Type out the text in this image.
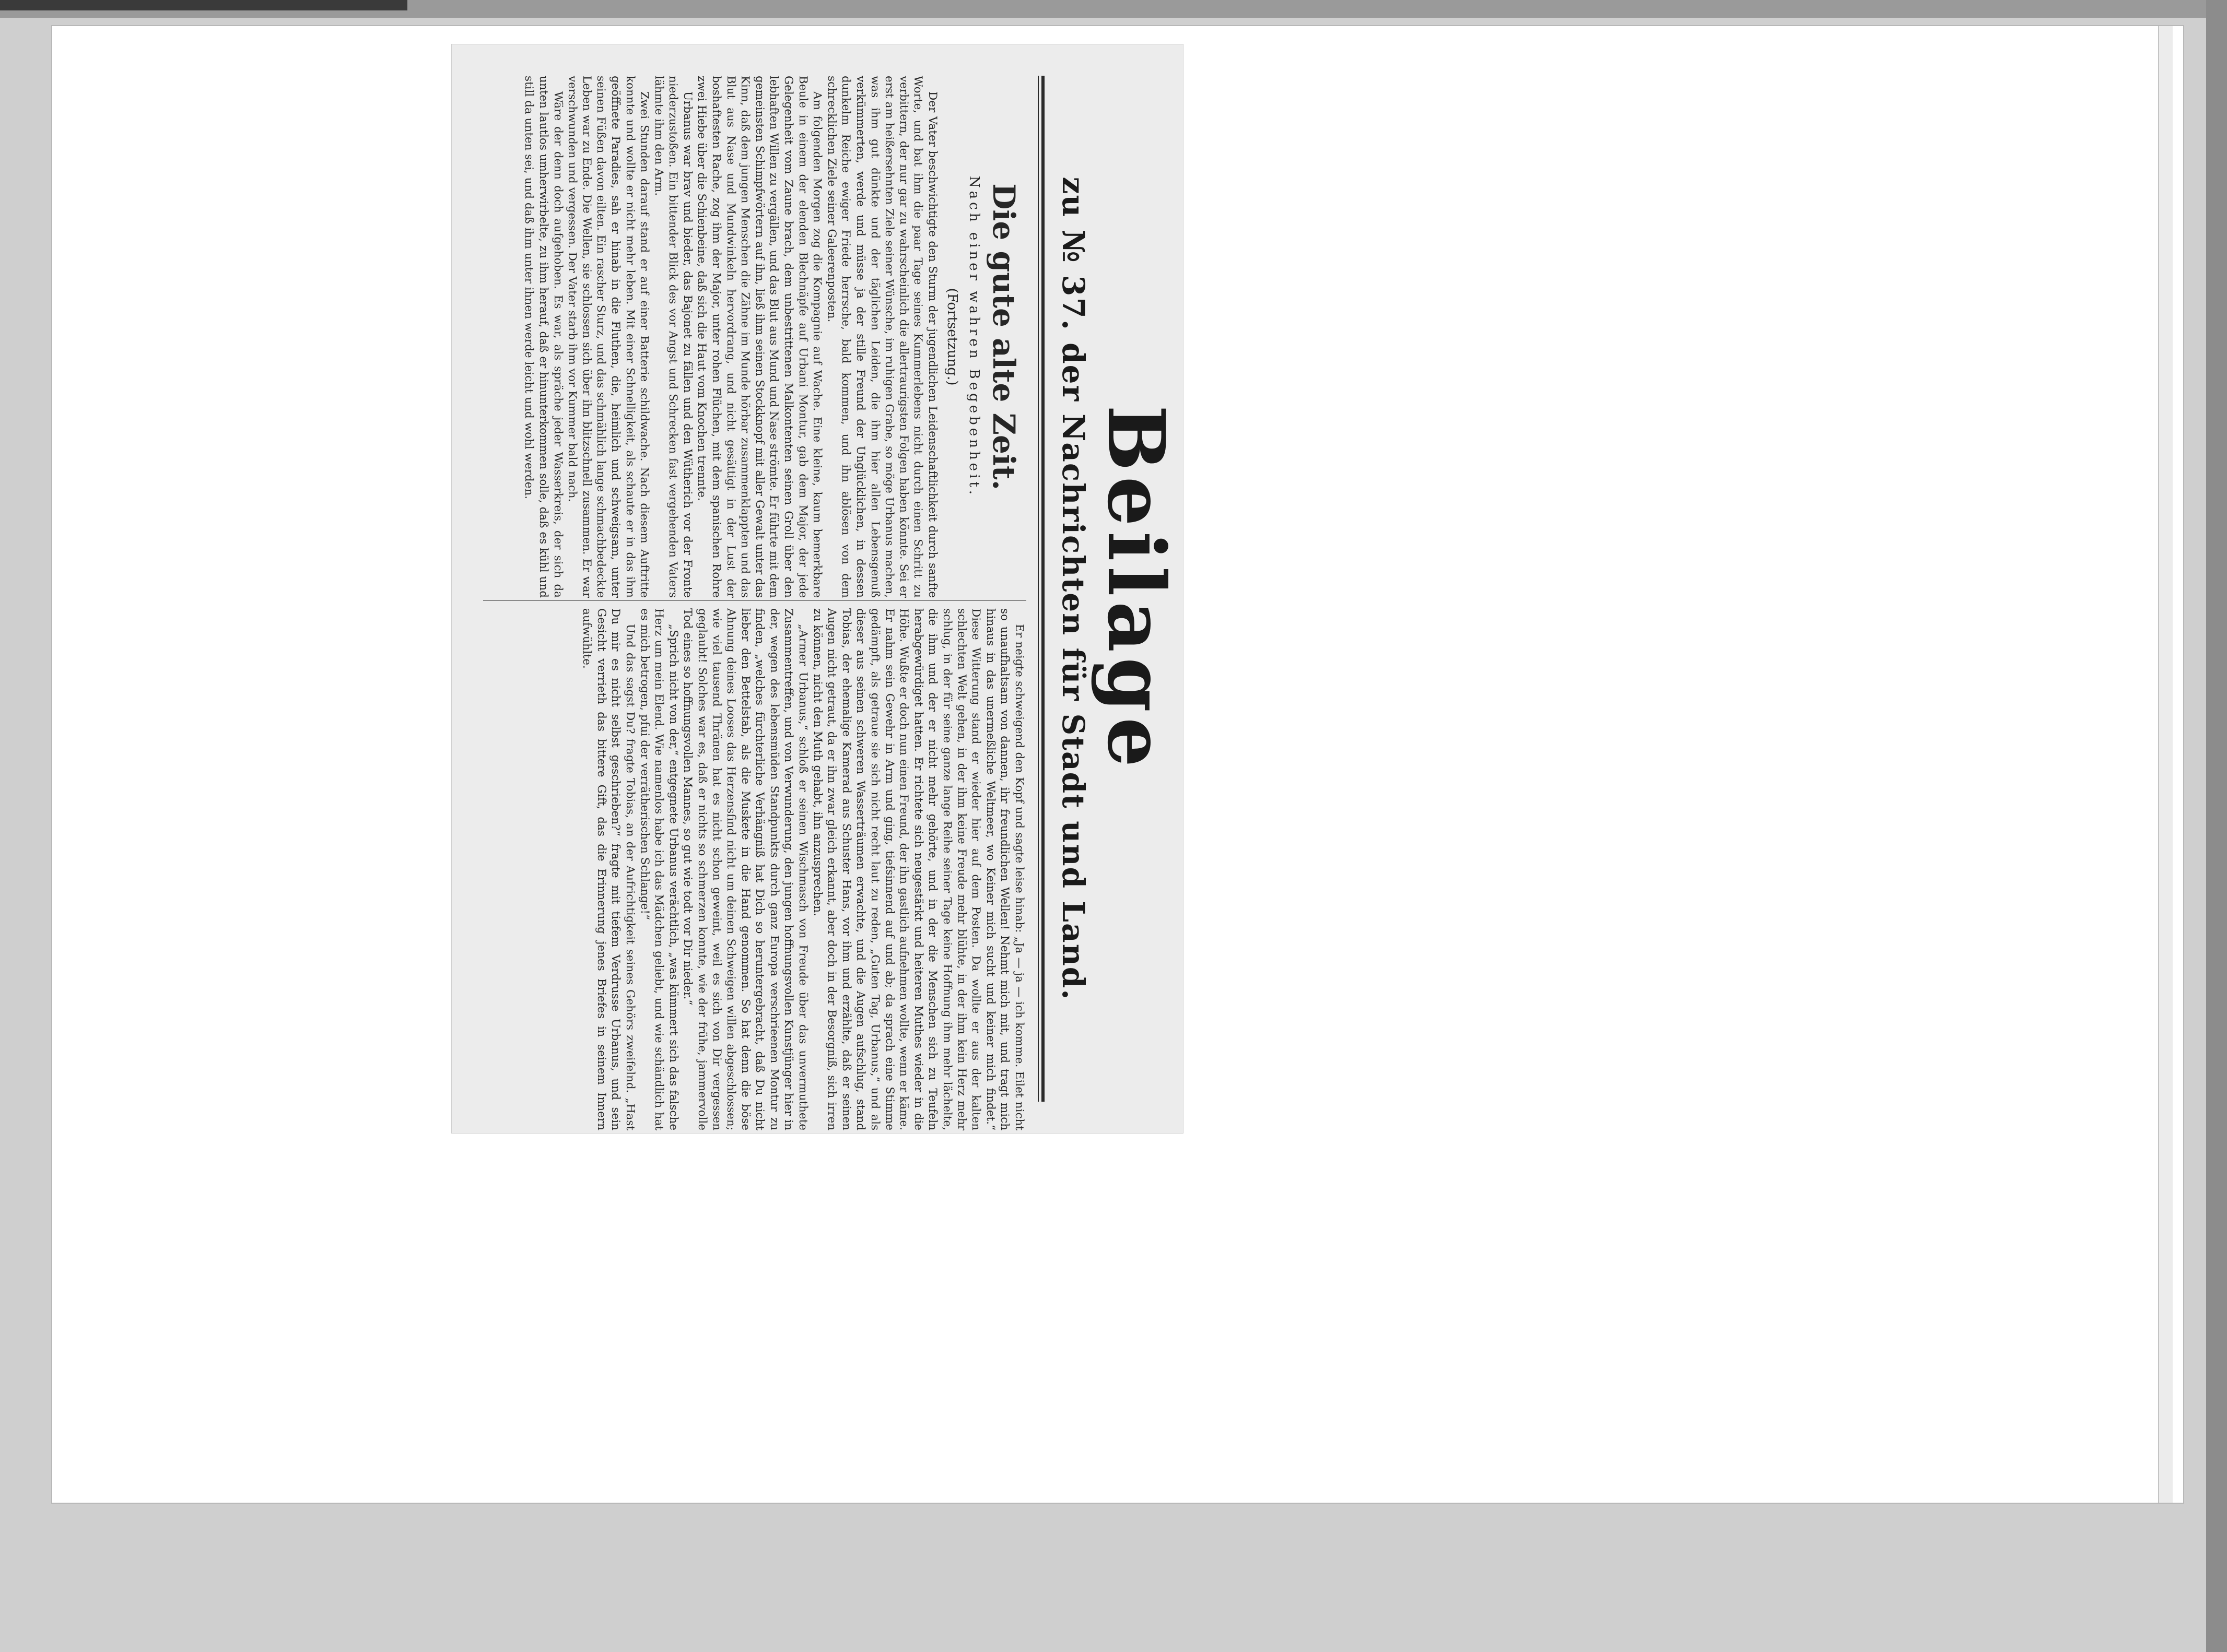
Beilage
zu № 37. der Nachrichten für Stadt und Land.
Die gute alte Zeit.
Nach einer wahren Begebenheit.
(Fortsetzung.)

Der Vater beschwichtigte den Sturm der jugendlichen Leidenschaftlichkeit durch sanfte Worte, und bat ihm die paar Tage seines Kummerlebens nicht durch einen Schritt zu verbittern, der nur gar zu wahrscheinlich die allertraurigsten Folgen haben könnte. Sei er erst am heißersehnten Ziele seiner Wünsche, im ruhigen Grabe, so möge Urbanus machen, was ihm gut dünkte und der täglichen Leiden, die ihm hier allen Lebensgenuß verkümmerten, werde und müsse ja der stille Freund der Unglücklichen, in dessen dunkelm Reiche ewiger Friede herrsche, bald kommen, und ihn ablösen von dem schrecklichen Ziele seiner Galeerenposten.

Am folgenden Morgen zog die Kompagnie auf Wache. Eine kleine, kaum bemerkbare Beule in einem der elenden Blechnäpfe auf Urbani Montur, gab dem Major, der jede Gelegenheit vom Zaune brach, dem unbestrittenen Malkontenten seinen Groll über den lebhaften Willen zu vergällen, und das Blut aus Mund und Nase strömte. Er führte mit dem gemeinsten Schimpfwörtern auf ihn, ließ ihm seinen Stockknopf mit aller Gewalt unter das Kinn, daß dem jungen Menschen die Zähne im Munde hörbar zusammenklappten und das Blut aus Nase und Mundwinkeln hervordrang, und nicht gesättigt in der Lust der boshaftesten Rache, zog ihm der Major, unter rohen Flüchen, mit dem spanischen Rohre zwei Hiebe über die Schienbeine, daß sich die Haut vom Knochen trennte.

Urbanus war brav und bieder, das Bajonet zu fällen und den Wütherich vor der Fronte niederzustoßen. Ein bittender Blick des vor Angst und Schrecken fast vergehenden Vaters lähmte ihm den Arm.

Zwei Stunden darauf stand er auf einer Batterie schildwache. Nach diesem Auftritte konnte und wollte er nicht mehr leben. Mit einer Schnelligkeit, als schaute er in das ihm geöffnete Paradies, sah er hinab in die Fluthen, die, heimlich und schweigsam, unter seinen Füßen davon eilten. Ein rascher Sturz, und das schmählich lange schmachbedeckte Leben war zu Ende. Die Wellen, sie schlossen sich über ihn blitzschnell zusammen. Er war verschwunden und vergessen. Der Vater starb ihm vor Kummer bald nach.

Wäre der denn doch aufgehoben. Es war, als spräche jeder Wasserkreis, der sich da unten lautlos umherwirbelte, zu ihm herauf, daß er hinunterkommen solle, daß es kühl und still da unten sei, und daß ihm unter ihnen werde leicht und wohl werden.

Er neigte schweigend den Kopf und sagte leise hinab: „Ja — ja — ich komme. Eilet nicht so unaufhaltsam von dannen, ihr freundlichen Wellen! Nehmt mich mit, und tragt mich hinaus in das unermeßliche Weltmeer, wo Keiner mich sucht und keiner mich findet.“ Diese Witterung stand er wieder hier auf dem Posten. Da wollte er aus der kalten schlechten Welt gehen, in der ihm keine Freude mehr blühte, in der ihm kein Herz mehr schlug, in der für seine ganze lange Reihe seiner Tage keine Hoffnung ihm mehr lächelte, die ihm und der er nicht mehr gehörte, und in der die Menschen sich zu Teufeln herabgewürdiget hatten. Er richtete sich neugestärkt und heiteren Muthes wieder in die Höhe. Wußte er doch nun einen Freund, der ihn gastlich aufnehmen wollte, wenn er käme. Er nahm sein Gewehr in Arm und ging, tiefsinnend auf und ab; da sprach eine Stimme gedämpft, als getraue sie sich nicht recht laut zu reden, „Guten Tag, Urbanus,“ und als dieser aus seinen schweren Wasserträumen erwachte, und die Augen aufschlug, stand Tobias, der ehemalige Kamerad aus Schuster Hans, vor ihm und erzählte, daß er seinen Augen nicht getraut, da er ihn zwar gleich erkannt, aber doch in der Besorgniß, sich irren zu können, nicht den Muth gehabt, ihn anzusprechen.

„Armer Urbanus,“ schloß er seinen Wischmasch von Freude über das unvermuthete Zusammentreffen, und von Verwunderung, den jungen hoffnungsvollen Kunstjünger hier in der, wegen des lebensmüden Standpunkts durch ganz Europa verschrieenen Montur zu finden, „welches fürchterliche Verhängniß hat Dich so heruntergebracht, daß Du nicht lieber den Bettelstab, als die Muskete in die Hand genommen. So hat denn die böse Ahnung deines Looses das Herzensfind nicht um deinen Schweigen willen abgeschlossen; wie viel tausend Thränen hat es nicht schon geweint, weil es sich von Dir vergessen geglaubt! Solches war es, daß er nichts so schmerzen konnte, wie der frühe, jammervolle Tod eines so hoffnungsvollen Mannes, so gut wie todt vor Dir nieder.“

„Sprich nicht von der,“ entgegnete Urbanus verächtlich, „was kümmert sich das falsche Herz um mein Elend. Wie namenlos habe ich das Mädchen geliebt, und wie schändlich hat es mich betrogen, pfui der verrätherischen Schlange!“

Und das sagst Du? fragte Tobias, an der Aufrichtigkeit seines Gehörs zweifelnd. „Hast Du mir es nicht selbst geschrieben?“ fragte mit tiefem Verdrusse Urbanus, und sein Gesicht verrieth das bittere Gift, das die Erinnerung jenes Briefes in seinem Innern aufwühlte.
